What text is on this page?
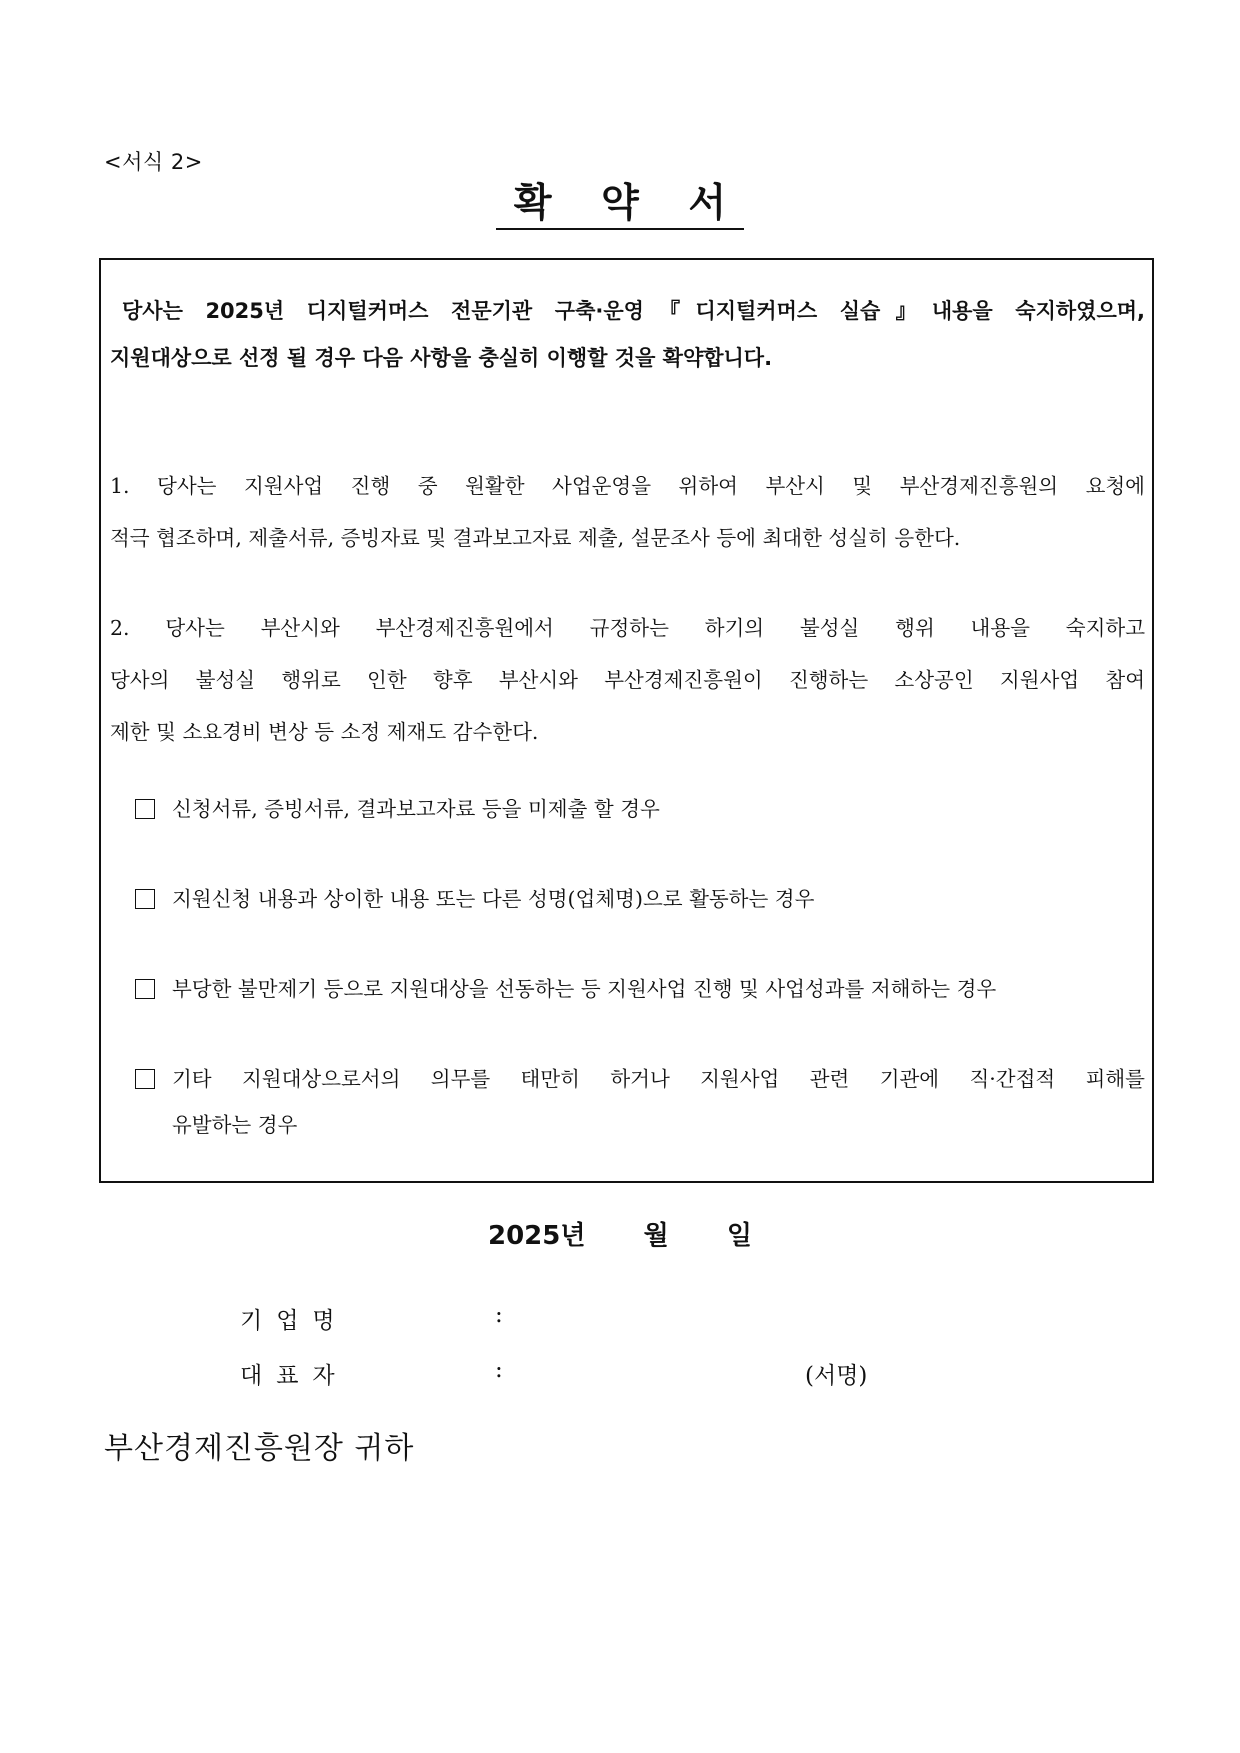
<서식 2>
확 약 서
당사는 2025년 디지털커머스 전문기관 구축·운영『디지털커머스 실습』내용을 숙지하였으며,
지원대상으로 선정 될 경우 다음 사항을 충실히 이행할 것을 확약합니다.
1. 당사는 지원사업 진행 중 원활한 사업운영을 위하여 부산시 및 부산경제진흥원의 요청에
적극 협조하며, 제출서류, 증빙자료 및 결과보고자료 제출, 설문조사 등에 최대한 성실히 응한다.
2. 당사는 부산시와 부산경제진흥원에서 규정하는 하기의 불성실 행위 내용을 숙지하고
당사의 불성실 행위로 인한 향후 부산시와 부산경제진흥원이 진행하는 소상공인 지원사업 참여
제한 및 소요경비 변상 등 소정 제재도 감수한다.
신청서류, 증빙서류, 결과보고자료 등을 미제출 할 경우
지원신청 내용과 상이한 내용 또는 다른 성명(업체명)으로 활동하는 경우
부당한 불만제기 등으로 지원대상을 선동하는 등 지원사업 진행 및 사업성과를 저해하는 경우
기타 지원대상으로서의 의무를 태만히 하거나 지원사업 관련 기관에 직·간접적 피해를
유발하는 경우
2025년 월 일
기업명	:
대표자	:	(서명)
부산경제진흥원장 귀하
